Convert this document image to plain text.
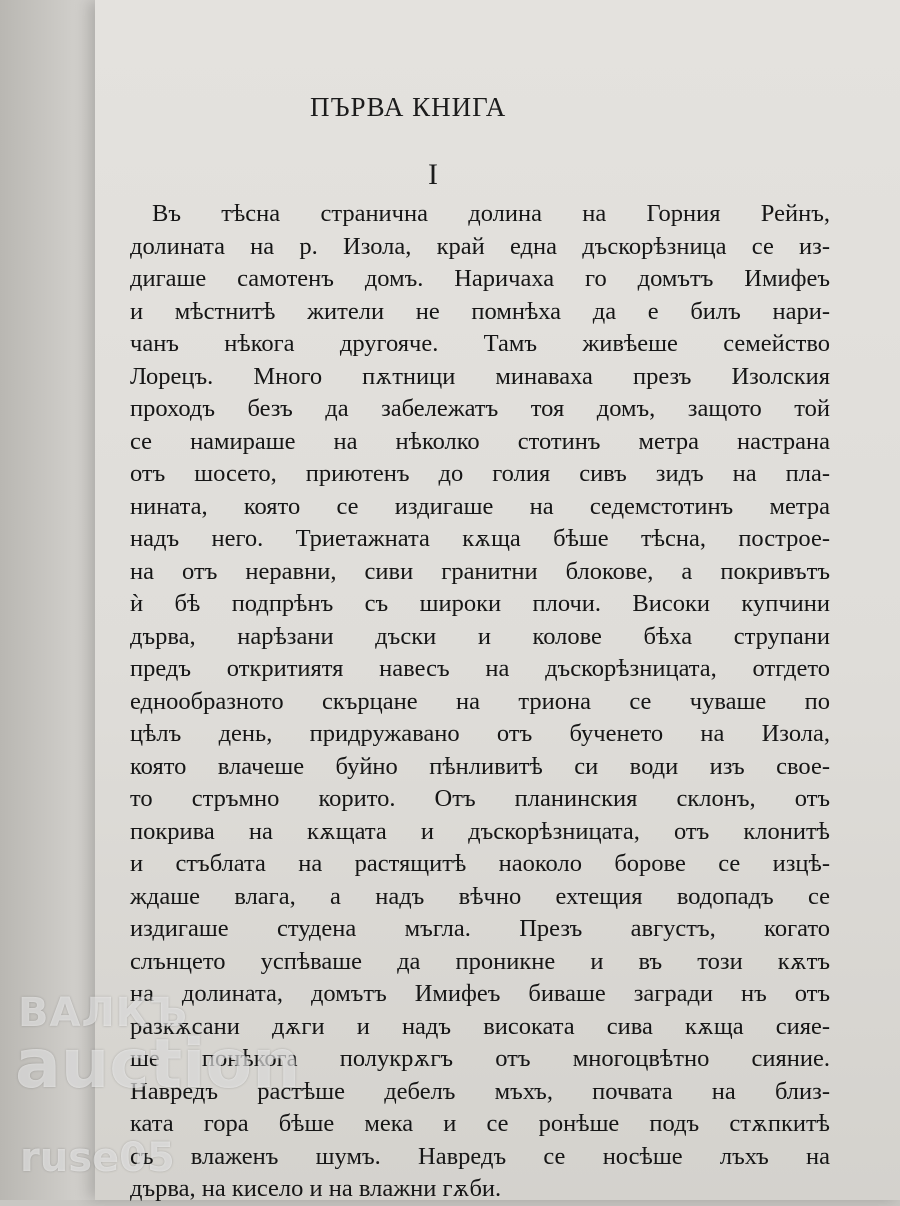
ПЪРВА КНИГА
I
Въ тѣсна странична долина на Горния Рейнъ,
долината на р. Изола, край една дъскорѣзница се из-
дигаше самотенъ домъ. Наричаха го домътъ Имифеъ
и мѣстнитѣ жители не помнѣха да е билъ нари-
чанъ нѣкога другояче. Тамъ живѣеше семейство
Лорецъ. Много пѫтници минаваха презъ Изолския
проходъ безъ да забележатъ тоя домъ, защото той
се намираше на нѣколко стотинъ метра настрана
отъ шосето, приютенъ до голия сивъ зидъ на пла-
нината, която се издигаше на седемстотинъ метра
надъ него. Триетажната кѫща бѣше тѣсна, построе-
на отъ неравни, сиви гранитни блокове, а покривътъ
ѝ бѣ подпрѣнъ съ широки плочи. Високи купчини
дърва, нарѣзани дъски и колове бѣха струпани
предъ откритиятя навесъ на дъскорѣзницата, отгдето
еднообразното скърцане на триона се чуваше по
цѣлъ день, придружавано отъ бученето на Изола,
която влачеше буйно пѣнливитѣ си води изъ свое-
то стръмно корито. Отъ планинския склонъ, отъ
покрива на кѫщата и дъскорѣзницата, отъ клонитѣ
и стъблата на растящитѣ наоколо борове се изцѣ-
ждаше влага, а надъ вѣчно ехтещия водопадъ се
издигаше студена мъгла. Презъ августъ, когато
слънцето успѣваше да проникне и въ този кѫтъ
на долината, домътъ Имифеъ биваше загради нъ отъ
разкѫсани дѫги и надъ високата сива кѫща сияе-
ше понѣкога полукрѫгъ отъ многоцвѣтно сияние.
Навредъ растѣше дебелъ мъхъ, почвата на близ-
ката гора бѣше мека и се ронѣше подъ стѫпкитѣ
съ влаженъ шумъ. Навредъ се носѣше лъхъ на
дърва, на кисело и на влажни гѫби.
ВАЛКЪ
auction
ruse05
